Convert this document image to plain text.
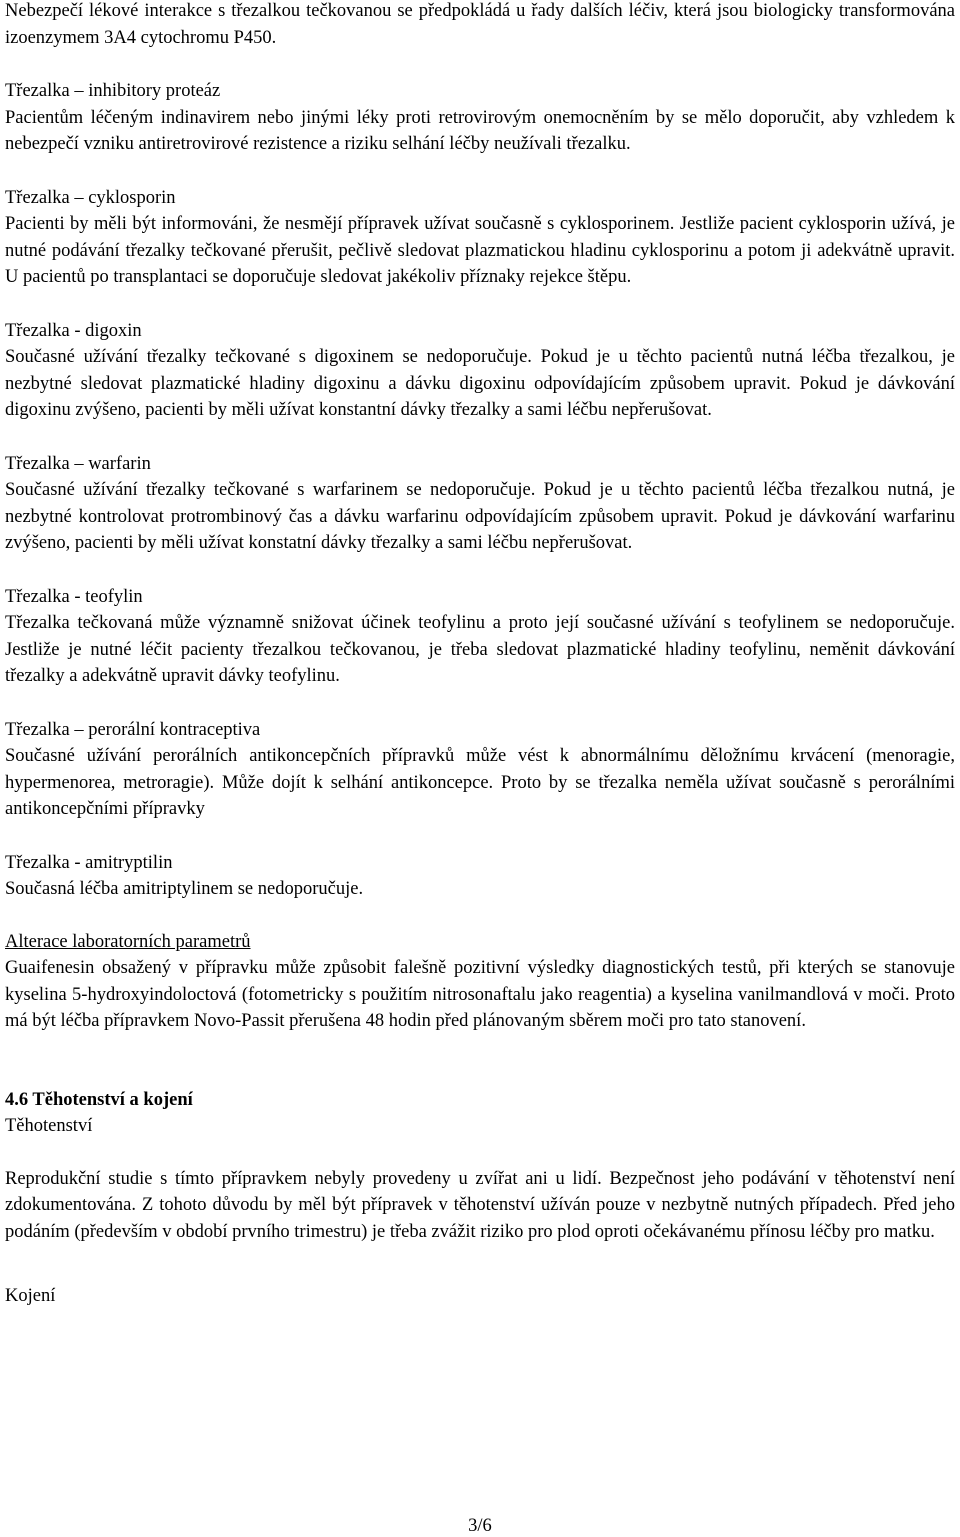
Nebezpečí lékové interakce s třezalkou tečkovanou se předpokládá u řady dalších léčiv, která jsou biologicky transformována izoenzymem 3A4 cytochromu P450.

Třezalka – inhibitory proteáz

Pacientům léčeným indinavirem nebo jinými léky proti retrovirovým onemocněním by se mělo doporučit, aby vzhledem k nebezpečí vzniku antiretrovirové rezistence a riziku selhání léčby neužívali třezalku.

Třezalka – cyklosporin

Pacienti by měli být informováni, že nesmějí přípravek užívat současně s cyklosporinem. Jestliže pacient cyklosporin užívá, je nutné podávání třezalky tečkované přerušit, pečlivě sledovat plazmatickou hladinu cyklosporinu a potom ji adekvátně upravit. U pacientů po transplantaci se doporučuje sledovat jakékoliv příznaky rejekce štěpu.

Třezalka - digoxin

Současné užívání třezalky tečkované s digoxinem se nedoporučuje. Pokud je u těchto pacientů nutná léčba třezalkou, je nezbytné sledovat plazmatické hladiny digoxinu a dávku digoxinu odpovídajícím způsobem upravit. Pokud je dávkování digoxinu zvýšeno, pacienti by měli užívat konstantní dávky třezalky a sami léčbu nepřerušovat.

Třezalka – warfarin

Současné užívání třezalky tečkované s warfarinem se nedoporučuje. Pokud je u těchto pacientů léčba třezalkou nutná, je nezbytné kontrolovat protrombinový čas a dávku warfarinu odpovídajícím způsobem upravit. Pokud je dávkování warfarinu zvýšeno, pacienti by měli užívat konstatní dávky třezalky a sami léčbu nepřerušovat.

Třezalka - teofylin

Třezalka tečkovaná může významně snižovat účinek teofylinu a proto její současné užívání s teofylinem se nedoporučuje. Jestliže je nutné léčit pacienty třezalkou tečkovanou, je třeba sledovat plazmatické hladiny teofylinu, neměnit dávkování třezalky a adekvátně upravit dávky teofylinu.

Třezalka – perorální kontraceptiva

Současné užívání perorálních antikoncepčních přípravků může vést k abnormálnímu děložnímu krvácení (menoragie, hypermenorea, metroragie). Může dojít k selhání antikoncepce. Proto by se třezalka neměla užívat současně s perorálními antikoncepčními přípravky

Třezalka - amitryptilin

Současná léčba amitriptylinem se nedoporučuje.

Alterace laboratorních parametrů

Guaifenesin obsažený v přípravku může způsobit falešně pozitivní výsledky diagnostických testů, při kterých se stanovuje kyselina 5-hydroxyindoloctová (fotometricky s použitím nitrosonaftalu jako reagentia) a kyselina vanilmandlová v moči. Proto má být léčba přípravkem Novo-Passit přerušena 48 hodin před plánovaným sběrem moči pro tato stanovení.

4.6 Těhotenství a kojení

Těhotenství

Reprodukční studie s tímto přípravkem nebyly provedeny u zvířat ani u lidí. Bezpečnost jeho podávání v těhotenství není zdokumentována. Z tohoto důvodu by měl být přípravek v těhotenství užíván pouze v nezbytně nutných případech. Před jeho podáním (především v období prvního trimestru) je třeba zvážit riziko pro plod oproti očekávanému přínosu léčby pro matku.

Kojení

3/6
